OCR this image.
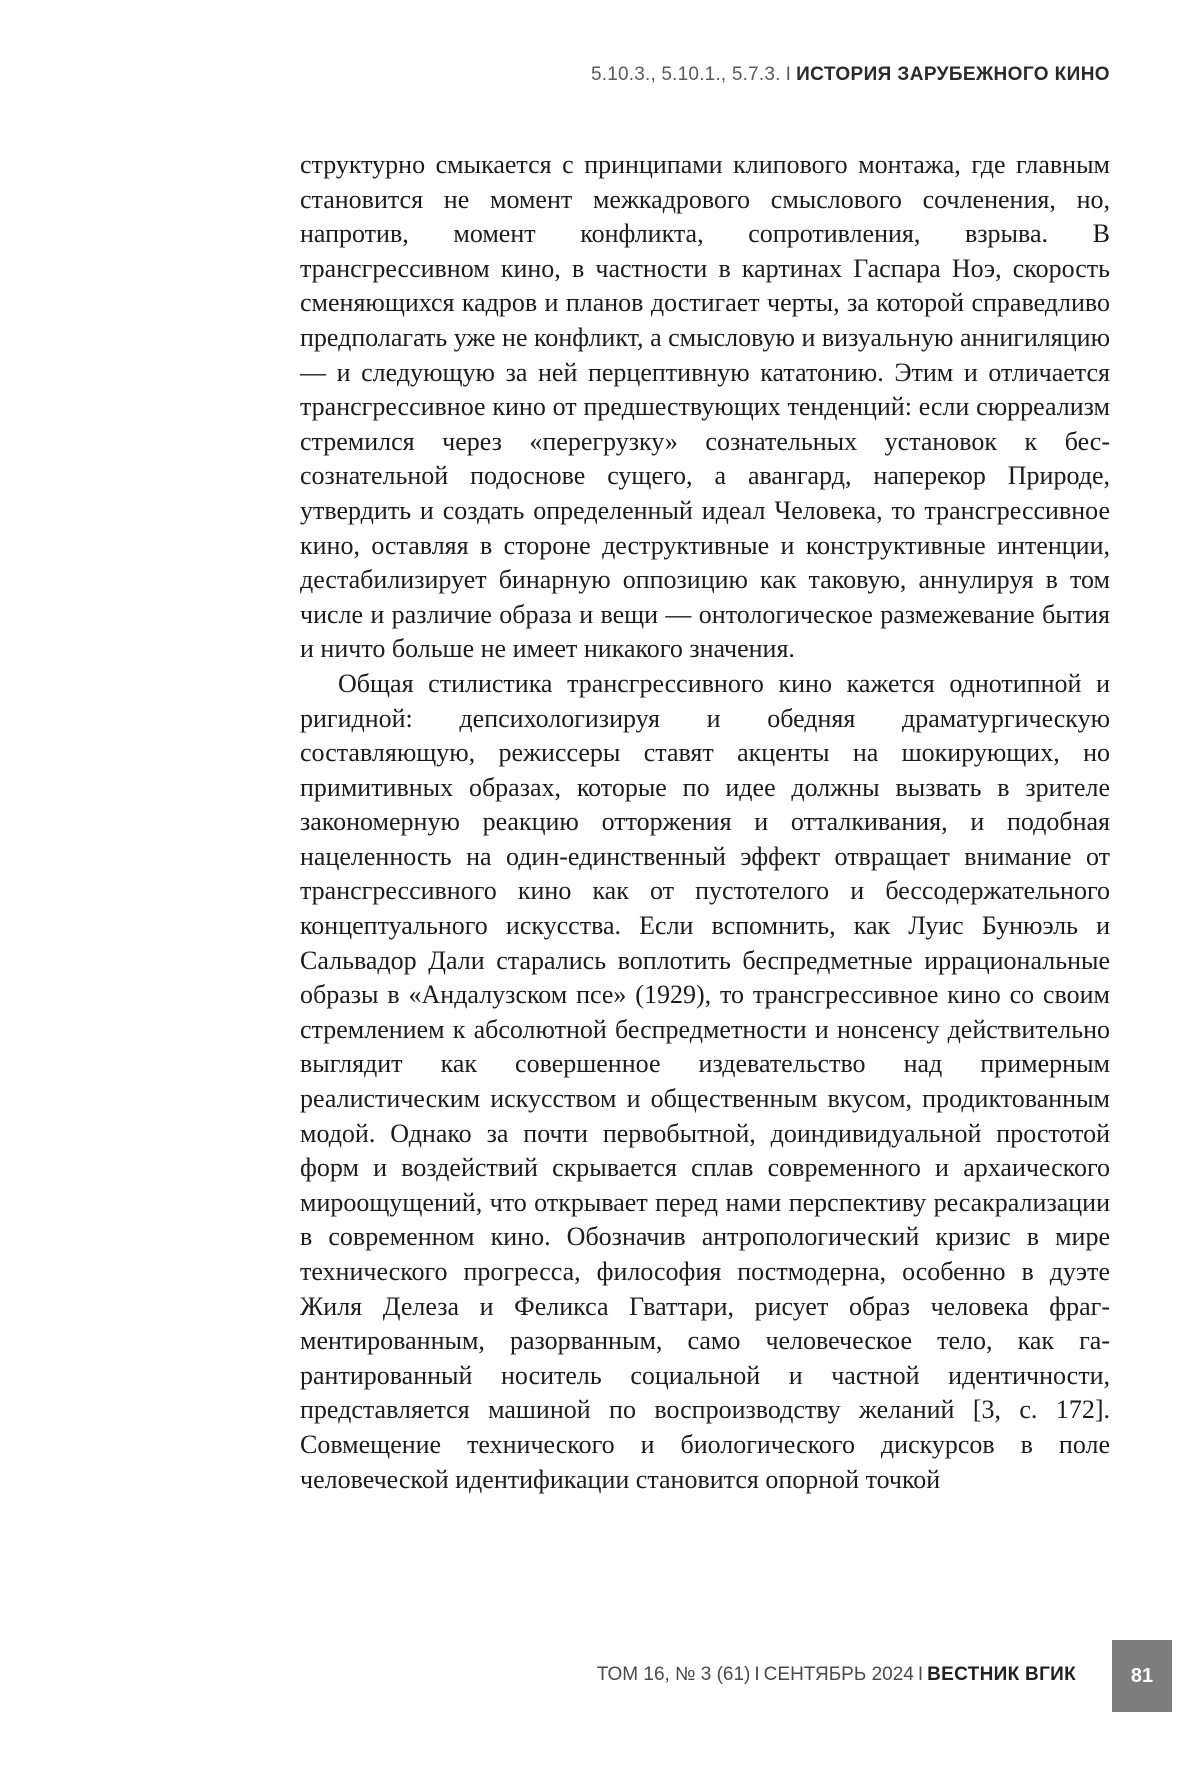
5.10.3., 5.10.1., 5.7.3. I ИСТОРИЯ ЗАРУБЕЖНОГО КИНО

структурно смыкается с принципами клипового монтажа, где главным становится не момент межкадрового смыслового сочленения, но, напротив, момент конфликта, сопротивления, взрыва. В трансгрессивном кино, в частности в картинах Гаспара Ноэ, скорость сменяющихся кадров и планов достигает черты, за которой справедливо предполагать уже не конфликт, а смысловую и визуальную аннигиляцию — и следующую за ней перцептивную кататонию. Этим и отличается трансгрессивное кино от предшествующих тенденций: если сюрреализм стремился через «перегрузку» сознательных установок к бессознательной подоснове сущего, а авангард, наперекор Природе, утвердить и создать определенный идеал Человека, то трансгрессивное кино, оставляя в стороне деструктивные и конструктивные интенции, дестабилизирует бинарную оппозицию как таковую, аннулируя в том числе и различие образа и вещи — онтологическое размежевание бытия и ничто больше не имеет никакого значения.

Общая стилистика трансгрессивного кино кажется однотипной и ригидной: депсихологизируя и обедняя драматургическую составляющую, режиссеры ставят акценты на шокирующих, но примитивных образах, которые по идее должны вызвать в зрителе закономерную реакцию отторжения и отталкивания, и подобная нацеленность на один-единственный эффект отвращает внимание от трансгрессивного кино как от пустотелого и бессодержательного концептуального искусства. Если вспомнить, как Луис Бунюэль и Сальвадор Дали старались воплотить беспредметные иррациональные образы в «Андалузском псе» (1929), то трансгрессивное кино со своим стремлением к абсолютной беспредметности и нонсенсу действительно выглядит как совершенное издевательство над примерным реалистическим искусством и общественным вкусом, продиктованным модой. Однако за почти первобытной, доиндивидуальной простотой форм и воздействий скрывается сплав современного и архаического мироощущений, что открывает перед нами перспективу ресакрализации в современном кино. Обозначив антропологический кризис в мире технического прогресса, философия постмодерна, особенно в дуэте Жиля Делеза и Феликса Гваттари, рисует образ человека фрагментированным, разорванным, само человеческое тело, как гарантированный носитель социальной и частной идентичности, представляется машиной по воспроизводству желаний [3, с. 172]. Совмещение технического и биологического дискурсов в поле человеческой идентификации становится опорной точкой

ТОМ 16, № 3 (61) I СЕНТЯБРЬ 2024 I ВЕСТНИК ВГИК	81
